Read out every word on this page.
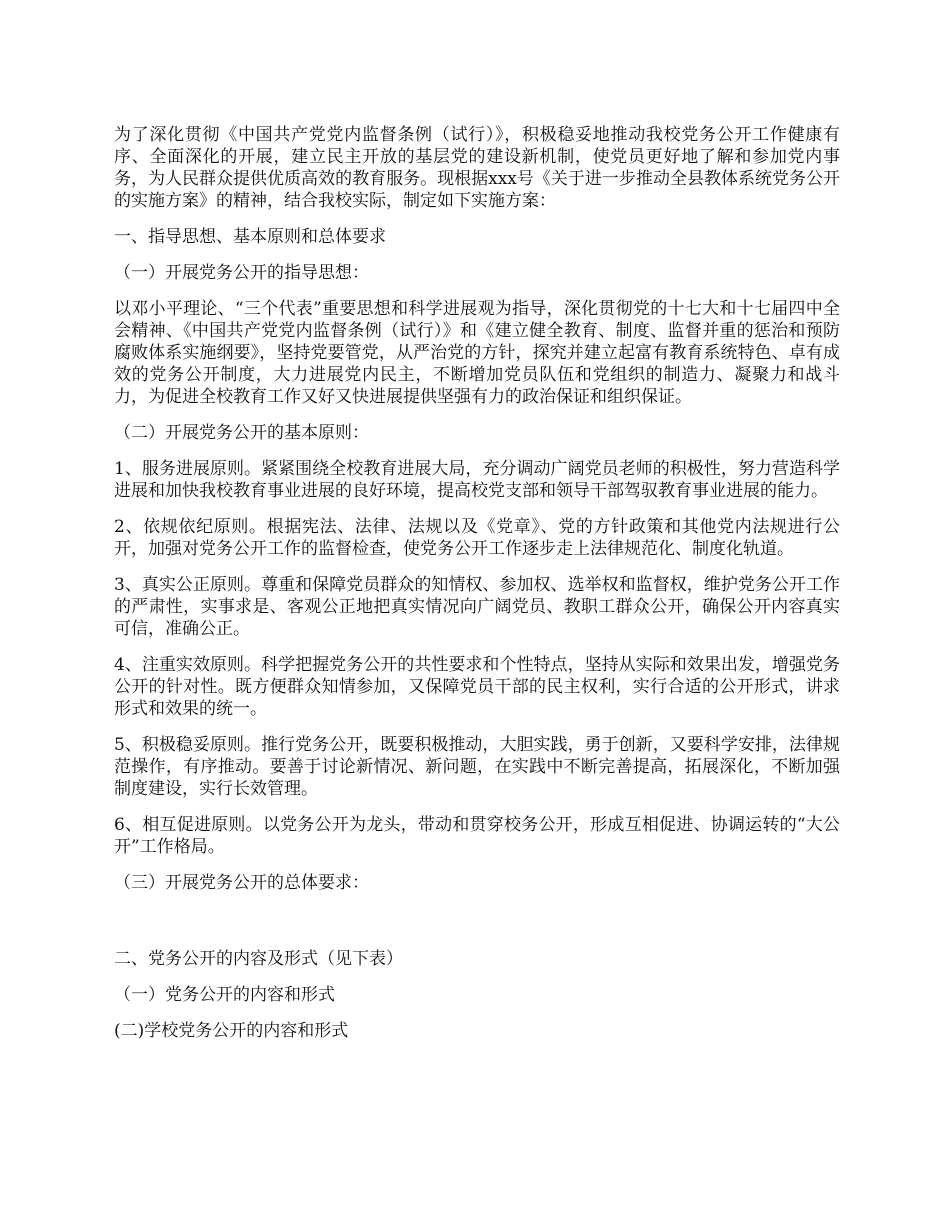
为了深化贯彻《中国共产党党内监督条例（试行）》，积极稳妥地推动我校党务公开工作健康有序、全面深化的开展，建立民主开放的基层党的建设新机制，使党员更好地了解和参加党内事务，为人民群众提供优质高效的教育服务。现根据xxx号《关于进一步推动全县教体系统党务公开的实施方案》的精神，结合我校实际，制定如下实施方案：

一、指导思想、基本原则和总体要求

（一）开展党务公开的指导思想：

以邓小平理论、“三个代表”重要思想和科学进展观为指导，深化贯彻党的十七大和十七届四中全会精神、《中国共产党党内监督条例（试行）》和《建立健全教育、制度、监督并重的惩治和预防腐败体系实施纲要》，坚持党要管党，从严治党的方针，探究并建立起富有教育系统特色、卓有成效的党务公开制度，大力进展党内民主，不断增加党员队伍和党组织的制造力、凝聚力和战斗力，为促进全校教育工作又好又快进展提供坚强有力的政治保证和组织保证。

（二）开展党务公开的基本原则：

1、服务进展原则。紧紧围绕全校教育进展大局，充分调动广阔党员老师的积极性，努力营造科学进展和加快我校教育事业进展的良好环境，提高校党支部和领导干部驾驭教育事业进展的能力。

2、依规依纪原则。根据宪法、法律、法规以及《党章》、党的方针政策和其他党内法规进行公开，加强对党务公开工作的监督检查，使党务公开工作逐步走上法律规范化、制度化轨道。

3、真实公正原则。尊重和保障党员群众的知情权、参加权、选举权和监督权，维护党务公开工作的严肃性，实事求是、客观公正地把真实情况向广阔党员、教职工群众公开，确保公开内容真实可信，准确公正。

4、注重实效原则。科学把握党务公开的共性要求和个性特点，坚持从实际和效果出发，增强党务公开的针对性。既方便群众知情参加，又保障党员干部的民主权利，实行合适的公开形式，讲求形式和效果的统一。

5、积极稳妥原则。推行党务公开，既要积极推动，大胆实践，勇于创新，又要科学安排，法律规范操作，有序推动。要善于讨论新情况、新问题，在实践中不断完善提高，拓展深化，不断加强制度建设，实行长效管理。

6、相互促进原则。以党务公开为龙头，带动和贯穿校务公开，形成互相促进、协调运转的“大公开”工作格局。

（三）开展党务公开的总体要求：

二、党务公开的内容及形式（见下表）

（一）党务公开的内容和形式

(二)学校党务公开的内容和形式
